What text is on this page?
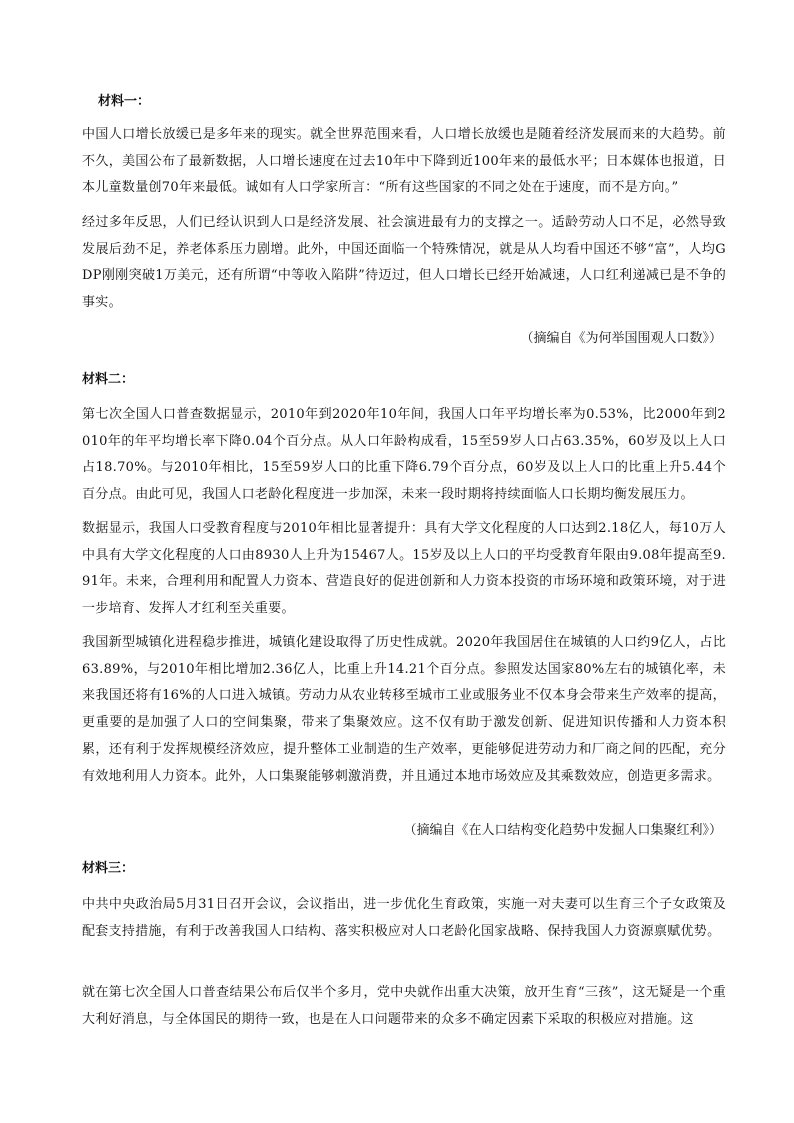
材料一：
中国人口增长放缓已是多年来的现实。就全世界范围来看，人口增长放缓也是随着经济发展而来的大趋势。前不久，美国公布了最新数据，人口增长速度在过去10年中下降到近100年来的最低水平；日本媒体也报道，日本儿童数量创70年来最低。诚如有人口学家所言：“所有这些国家的不同之处在于速度，而不是方向。”
经过多年反思，人们已经认识到人口是经济发展、社会演进最有力的支撑之一。适龄劳动人口不足，必然导致发展后劲不足，养老体系压力剧增。此外，中国还面临一个特殊情况，就是从人均看中国还不够“富”，人均GDP刚刚突破1万美元，还有所谓“中等收入陷阱”待迈过，但人口增长已经开始减速，人口红利递减已是不争的事实。
（摘编自《为何举国围观人口数》）
材料二：
第七次全国人口普查数据显示，2010年到2020年10年间，我国人口年平均增长率为0.53%，比2000年到2010年的年平均增长率下降0.04个百分点。从人口年龄构成看，15至59岁人口占63.35%，60岁及以上人口占18.70%。与2010年相比，15至59岁人口的比重下降6.79个百分点，60岁及以上人口的比重上升5.44个百分点。由此可见，我国人口老龄化程度进一步加深，未来一段时期将持续面临人口长期均衡发展压力。
数据显示，我国人口受教育程度与2010年相比显著提升：具有大学文化程度的人口达到2.18亿人，每10万人中具有大学文化程度的人口由8930人上升为15467人。15岁及以上人口的平均受教育年限由9.08年提高至9.91年。未来，合理利用和配置人力资本、营造良好的促进创新和人力资本投资的市场环境和政策环境，对于进一步培育、发挥人才红利至关重要。
我国新型城镇化进程稳步推进，城镇化建设取得了历史性成就。2020年我国居住在城镇的人口约9亿人，占比63.89%，与2010年相比增加2.36亿人，比重上升14.21个百分点。参照发达国家80%左右的城镇化率，未来我国还将有16%的人口进入城镇。劳动力从农业转移至城市工业或服务业不仅本身会带来生产效率的提高，更重要的是加强了人口的空间集聚，带来了集聚效应。这不仅有助于激发创新、促进知识传播和人力资本积累，还有利于发挥规模经济效应，提升整体工业制造的生产效率，更能够促进劳动力和厂商之间的匹配，充分有效地利用人力资本。此外，人口集聚能够刺激消费，并且通过本地市场效应及其乘数效应，创造更多需求。
（摘编自《在人口结构变化趋势中发掘人口集聚红利》）
材料三：
中共中央政治局5月31日召开会议，会议指出，进一步优化生育政策，实施一对夫妻可以生育三个子女政策及配套支持措施，有利于改善我国人口结构、落实积极应对人口老龄化国家战略、保持我国人力资源禀赋优势。
就在第七次全国人口普查结果公布后仅半个多月，党中央就作出重大决策，放开生育“三孩”，这无疑是一个重大利好消息，与全体国民的期待一致，也是在人口问题带来的众多不确定因素下采取的积极应对措施。这
